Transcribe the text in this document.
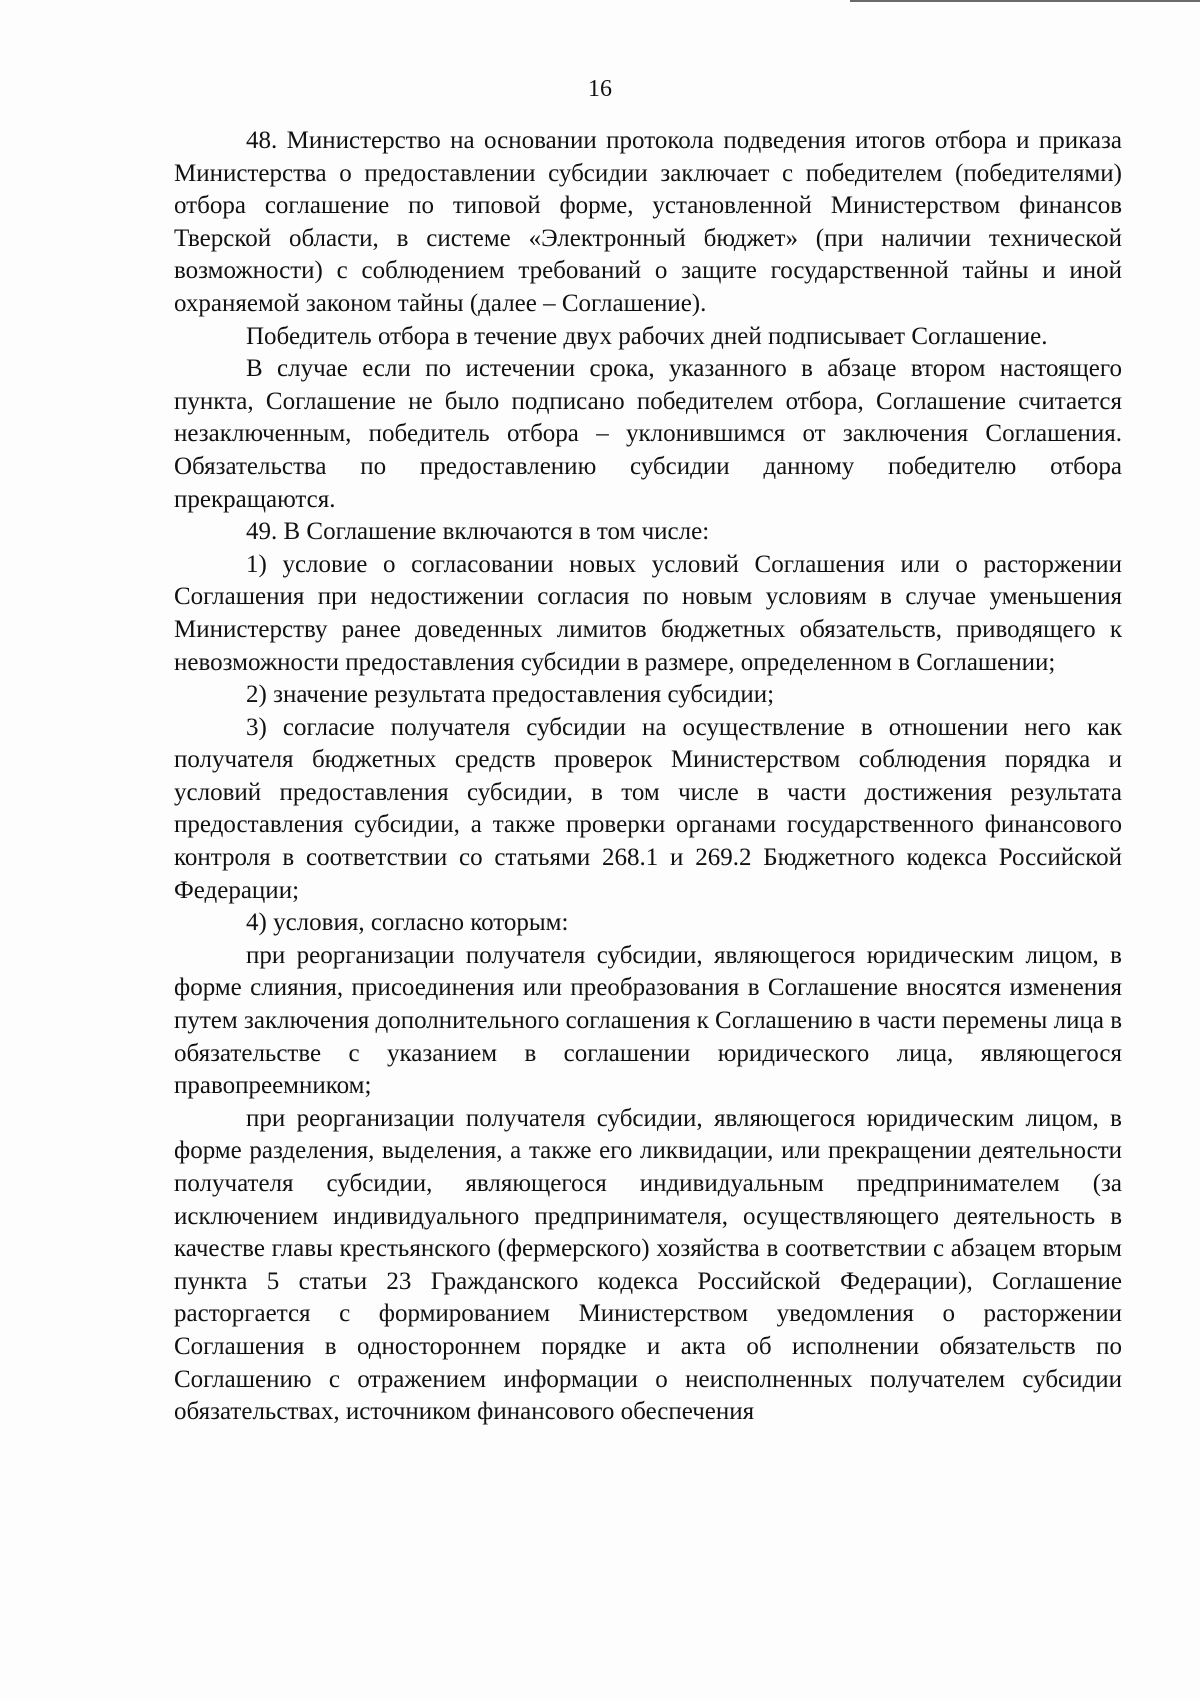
16

48. Министерство на основании протокола подведения итогов отбора и приказа Министерства о предоставлении субсидии заключает с победителем (победителями) отбора соглашение по типовой форме, установленной Министерством финансов Тверской области, в системе «Электронный бюджет» (при наличии технической возможности) с соблюдением требований о защите государственной тайны и иной охраняемой законом тайны (далее – Соглашение).

Победитель отбора в течение двух рабочих дней подписывает Соглашение.

В случае если по истечении срока, указанного в абзаце втором настоящего пункта, Соглашение не было подписано победителем отбора, Соглашение считается незаключенным, победитель отбора – уклонившимся от заключения Соглашения. Обязательства по предоставлению субсидии данному победителю отбора прекращаются.

49. В Соглашение включаются в том числе:

1) условие о согласовании новых условий Соглашения или о расторжении Соглашения при недостижении согласия по новым условиям в случае уменьшения Министерству ранее доведенных лимитов бюджетных обязательств, приводящего к невозможности предоставления субсидии в размере, определенном в Соглашении;

2) значение результата предоставления субсидии;

3) согласие получателя субсидии на осуществление в отношении него как получателя бюджетных средств проверок Министерством соблюдения порядка и условий предоставления субсидии, в том числе в части достижения результата предоставления субсидии, а также проверки органами государственного финансового контроля в соответствии со статьями 268.1 и 269.2 Бюджетного кодекса Российской Федерации;

4) условия, согласно которым:

при реорганизации получателя субсидии, являющегося юридическим лицом, в форме слияния, присоединения или преобразования в Соглашение вносятся изменения путем заключения дополнительного соглашения к Соглашению в части перемены лица в обязательстве с указанием в соглашении юридического лица, являющегося правопреемником;

при реорганизации получателя субсидии, являющегося юридическим лицом, в форме разделения, выделения, а также его ликвидации, или прекращении деятельности получателя субсидии, являющегося индивидуальным предпринимателем (за исключением индивидуального предпринимателя, осуществляющего деятельность в качестве главы крестьянского (фермерского) хозяйства в соответствии с абзацем вторым пункта 5 статьи 23 Гражданского кодекса Российской Федерации), Соглашение расторгается с формированием Министерством уведомления о расторжении Соглашения в одностороннем порядке и акта об исполнении обязательств по Соглашению с отражением информации о неисполненных получателем субсидии обязательствах, источником финансового обеспечения
